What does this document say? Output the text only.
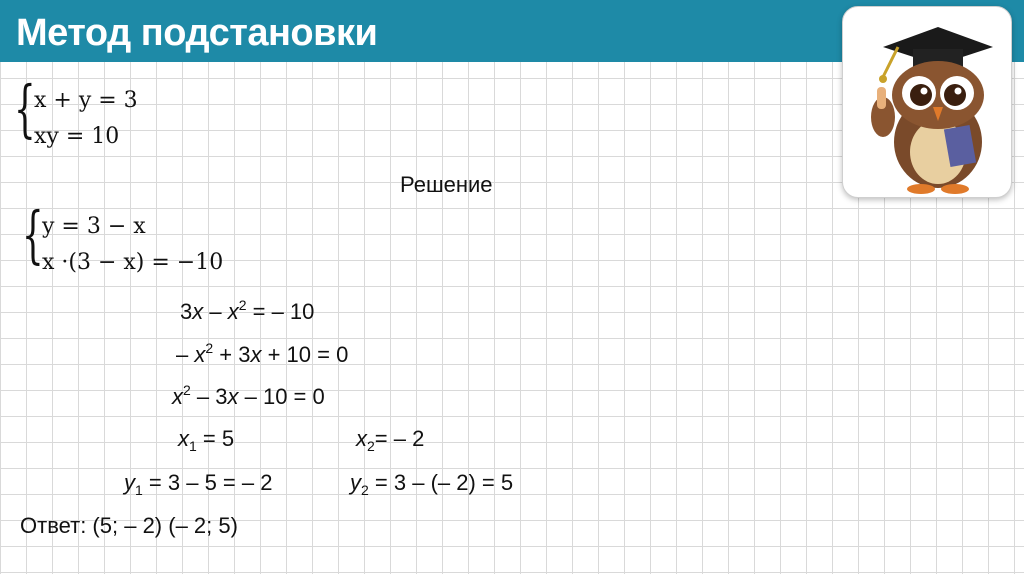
Метод подстановки
{
x + y = 3
xy = 10
Решение
{
y = 3 − x
x ·(3 − x) = −10
$3x - x^2$ = – 10
– $x^2 + 3x + 10 = 0$
$x^2 - 3x - 10 = 0$
$x_1 = 5$	$x_2= - 2$
$y_1 = 3 - 5$ = – 2	$y_2 = 3$ – (– 2) = 5
Ответ: (5; – 2) (– 2; 5)
